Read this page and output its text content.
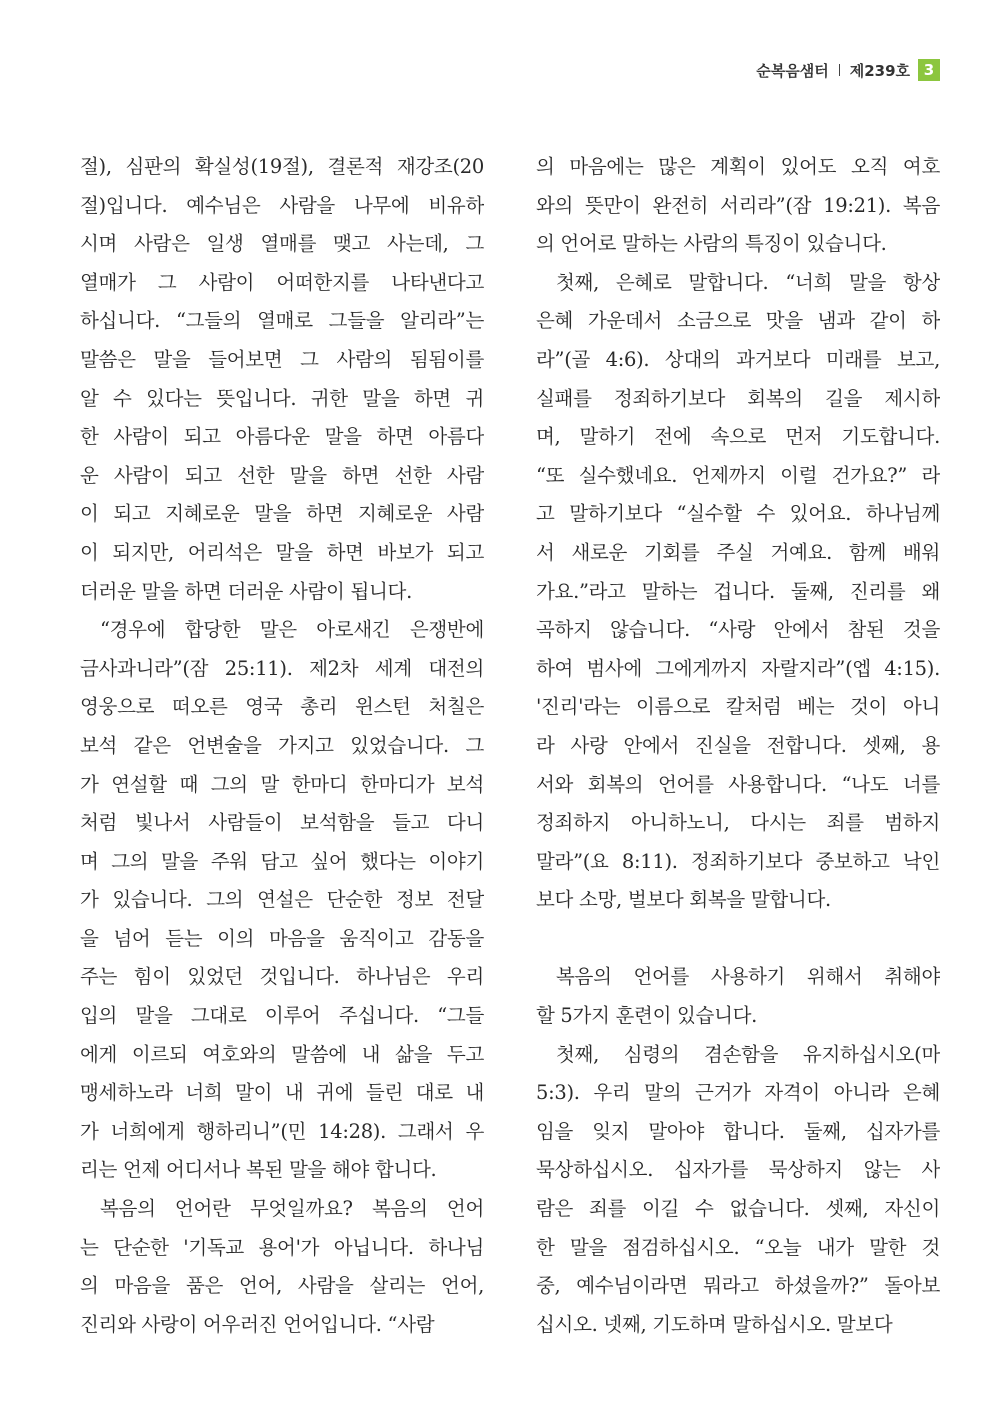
순복음샘터 제239호 3
절), 심판의 확실성(19절), 결론적 재강조(20
절)입니다. 예수님은 사람을 나무에 비유하
시며 사람은 일생 열매를 맺고 사는데, 그
열매가 그 사람이 어떠한지를 나타낸다고
하십니다. “그들의 열매로 그들을 알리라”는
말씀은 말을 들어보면 그 사람의 됨됨이를
알 수 있다는 뜻입니다. 귀한 말을 하면 귀
한 사람이 되고 아름다운 말을 하면 아름다
운 사람이 되고 선한 말을 하면 선한 사람
이 되고 지혜로운 말을 하면 지혜로운 사람
이 되지만, 어리석은 말을 하면 바보가 되고
더러운 말을 하면 더러운 사람이 됩니다.
“경우에 합당한 말은 아로새긴 은쟁반에
금사과니라”(잠 25:11). 제2차 세계 대전의
영웅으로 떠오른 영국 총리 윈스턴 처칠은
보석 같은 언변술을 가지고 있었습니다. 그
가 연설할 때 그의 말 한마디 한마디가 보석
처럼 빛나서 사람들이 보석함을 들고 다니
며 그의 말을 주워 담고 싶어 했다는 이야기
가 있습니다. 그의 연설은 단순한 정보 전달
을 넘어 듣는 이의 마음을 움직이고 감동을
주는 힘이 있었던 것입니다. 하나님은 우리
입의 말을 그대로 이루어 주십니다. “그들
에게 이르되 여호와의 말씀에 내 삶을 두고
맹세하노라 너희 말이 내 귀에 들린 대로 내
가 너희에게 행하리니”(민 14:28). 그래서 우
리는 언제 어디서나 복된 말을 해야 합니다.
복음의 언어란 무엇일까요? 복음의 언어
는 단순한 '기독교 용어'가 아닙니다. 하나님
의 마음을 품은 언어, 사람을 살리는 언어,
진리와 사랑이 어우러진 언어입니다. “사람
의 마음에는 많은 계획이 있어도 오직 여호
와의 뜻만이 완전히 서리라”(잠 19:21). 복음
의 언어로 말하는 사람의 특징이 있습니다.
첫째, 은혜로 말합니다. “너희 말을 항상
은혜 가운데서 소금으로 맛을 냄과 같이 하
라”(골 4:6). 상대의 과거보다 미래를 보고,
실패를 정죄하기보다 회복의 길을 제시하
며, 말하기 전에 속으로 먼저 기도합니다.
“또 실수했네요. 언제까지 이럴 건가요?” 라
고 말하기보다 “실수할 수 있어요. 하나님께
서 새로운 기회를 주실 거예요. 함께 배워
가요.”라고 말하는 겁니다. 둘째, 진리를 왜
곡하지 않습니다. “사랑 안에서 참된 것을
하여 범사에 그에게까지 자랄지라”(엡 4:15).
'진리'라는 이름으로 칼처럼 베는 것이 아니
라 사랑 안에서 진실을 전합니다. 셋째, 용
서와 회복의 언어를 사용합니다. “나도 너를
정죄하지 아니하노니, 다시는 죄를 범하지
말라”(요 8:11). 정죄하기보다 중보하고 낙인
보다 소망, 벌보다 회복을 말합니다.
복음의 언어를 사용하기 위해서 취해야
할 5가지 훈련이 있습니다.
첫째, 심령의 겸손함을 유지하십시오(마
5:3). 우리 말의 근거가 자격이 아니라 은혜
임을 잊지 말아야 합니다. 둘째, 십자가를
묵상하십시오. 십자가를 묵상하지 않는 사
람은 죄를 이길 수 없습니다. 셋째, 자신이
한 말을 점검하십시오. “오늘 내가 말한 것
중, 예수님이라면 뭐라고 하셨을까?” 돌아보
십시오. 넷째, 기도하며 말하십시오. 말보다
